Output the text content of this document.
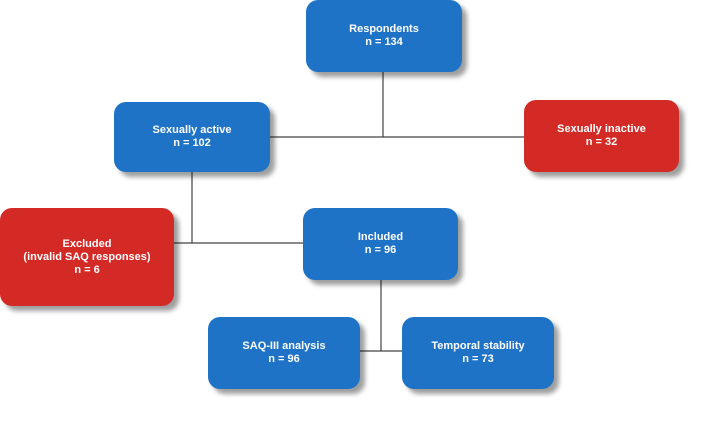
Respondents
n = 134
Sexually active
n = 102
Sexually inactive
n = 32
Excluded
(invalid SAQ responses)
n = 6
Included
n = 96
SAQ-III analysis
n = 96
Temporal stability
n = 73
